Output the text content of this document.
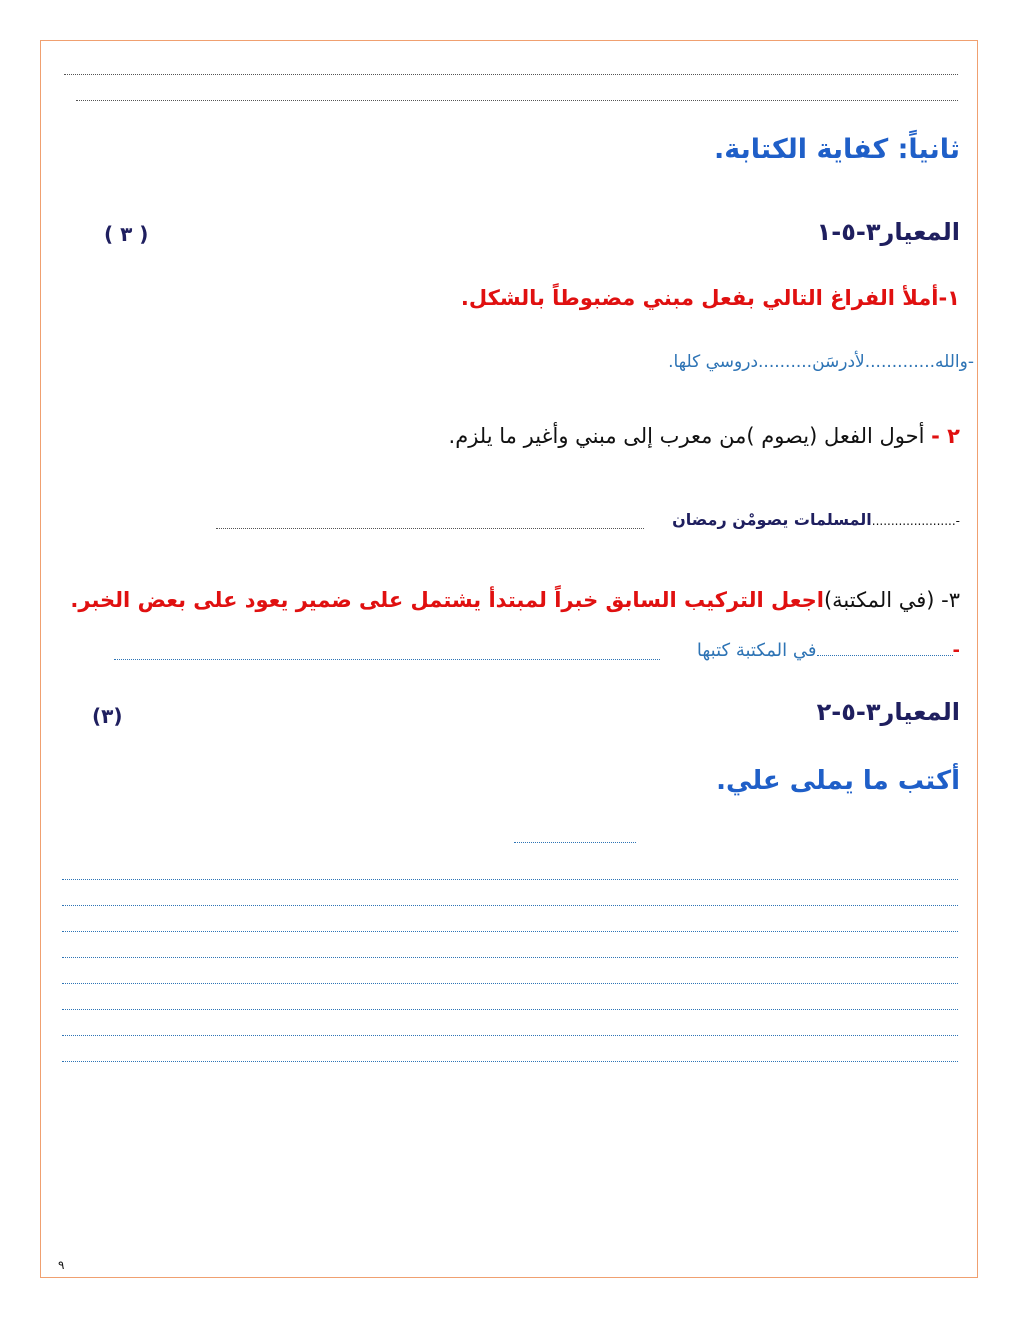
ثانياً: كفاية الكتابة.
المعيار٣-٥-١
( ٣ )
١-أملأ الفراغ التالي بفعل مبني مضبوطاً بالشكل.
-والله.............لأدرسَن..........دروسي كلها.
٢ - أحول الفعل (يصوم )من معرب إلى مبني وأغير ما يلزم.
-......................المسلمات يصومْن رمضان
٣- (في المكتبة)اجعل التركيب السابق خبراً لمبتدأ يشتمل على ضمير يعود على بعض الخبر.
-في المكتبة كتبها
المعيار٣-٥-٢
(٣)
أكتب ما يملى علي.
٩
